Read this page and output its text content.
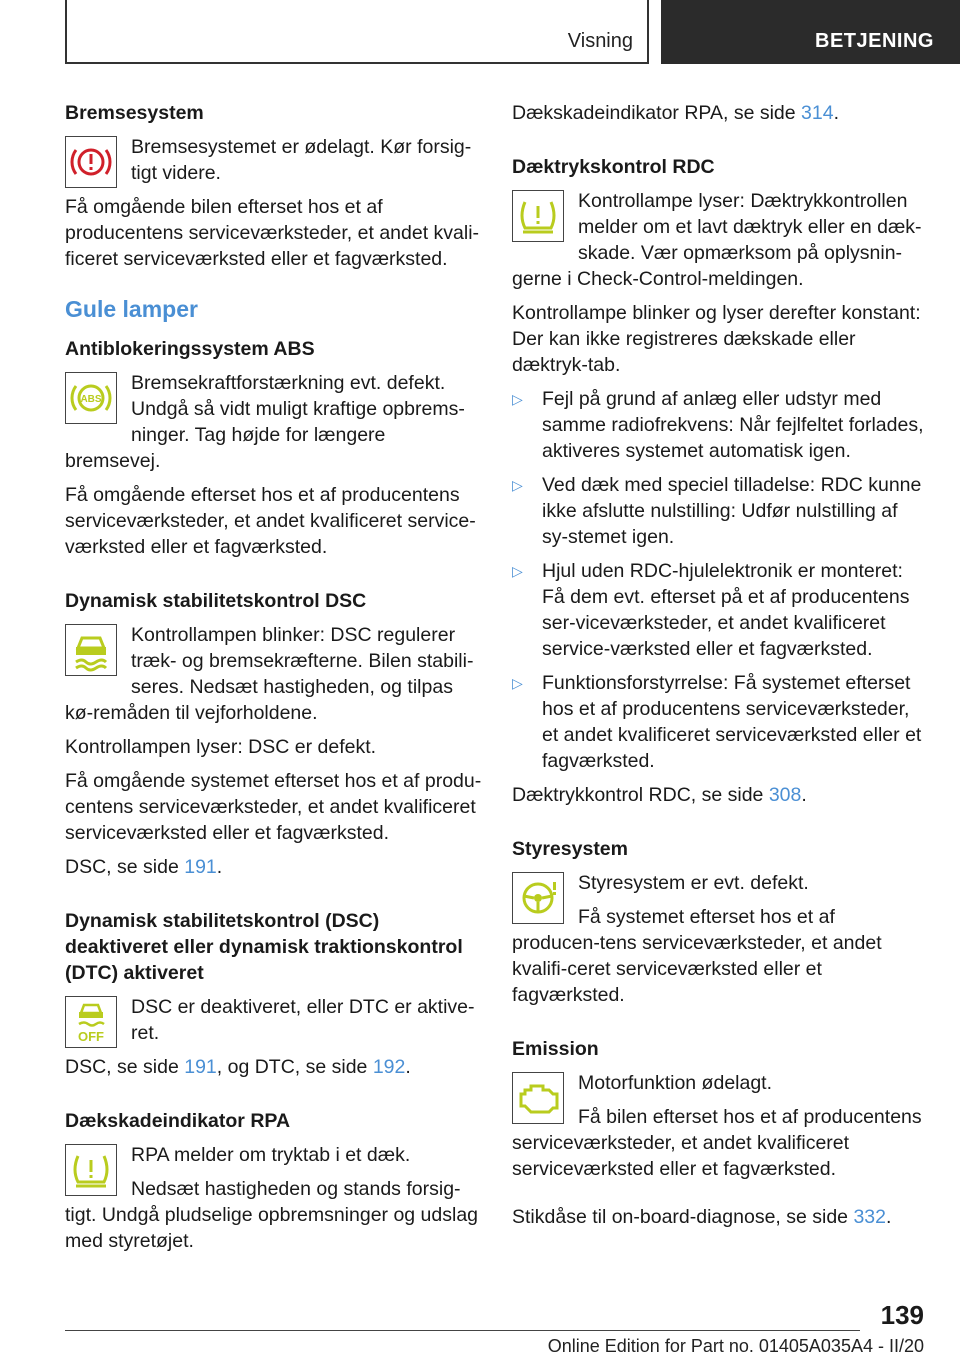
Visning	BETJENING
Bremsesystem

Bremsesystemet er ødelagt. Kør forsig-tigt videre.

Få omgående bilen efterset hos et af producentens serviceværksteder, et andet kvali-ficeret serviceværksted eller et fagværksted.

Gule lamper
Antiblokeringssystem ABS
ABS

Bremsekraftforstærkning evt. defekt. Undgå så vidt muligt kraftige opbrems-ninger. Tag højde for længere bremsevej.

Få omgående efterset hos et af producentens serviceværksteder, et andet kvalificeret service-værksted eller et fagværksted.

Dynamisk stabilitetskontrol DSC

Kontrollampen blinker: DSC regulerer træk- og bremsekræfterne. Bilen stabili-seres. Nedsæt hastigheden, og tilpas kø-remåden til vejforholdene.

Kontrollampen lyser: DSC er defekt.

Få omgående systemet efterset hos et af produ-centens serviceværksteder, et andet kvalificeret serviceværksted eller et fagværksted.

DSC, se side 191.

Dynamisk stabilitetskontrol (DSC) deaktiveret eller dynamisk traktionskontrol (DTC) aktiveret
OFF

DSC er deaktiveret, eller DTC er aktive-ret.

DSC, se side 191, og DTC, se side 192.

Dækskadeindikator RPA

RPA melder om tryktab i et dæk.

Nedsæt hastigheden og stands forsig-tigt. Undgå pludselige opbremsninger og udslag med styretøjet.

Dækskadeindikator RPA, se side 314.

Dæktrykskontrol RDC

Kontrollampe lyser: Dæktrykkontrollen melder om et lavt dæktryk eller en dæk-skade. Vær opmærksom på oplysnin-gerne i Check-Control-meldingen.

Kontrollampe blinker og lyser derefter konstant: Der kan ikke registreres dækskade eller dæktryk-tab.

▷ Fejl på grund af anlæg eller udstyr med samme radiofrekvens: Når fejlfeltet forlades, aktiveres systemet automatisk igen.
▷ Ved dæk med speciel tilladelse: RDC kunne ikke afslutte nulstilling: Udfør nulstilling af sy-stemet igen.
▷ Hjul uden RDC-hjulelektronik er monteret: Få dem evt. efterset på et af producentens ser-viceværksteder, et andet kvalificeret service-værksted eller et fagværksted.
▷ Funktionsforstyrrelse: Få systemet efterset hos et af producentens serviceværksteder, et andet kvalificeret serviceværksted eller et fagværksted.

Dæktrykkontrol RDC, se side 308.

Styresystem

Styresystem er evt. defekt.

Få systemet efterset hos et af producen-tens serviceværksteder, et andet kvalifi-ceret serviceværksted eller et fagværksted.

Emission

Motorfunktion ødelagt.

Få bilen efterset hos et af producentens serviceværksteder, et andet kvalificeret serviceværksted eller et fagværksted.

Stikdåse til on-board-diagnose, se side 332.

139
Online Edition for Part no. 01405A035A4 - II/20
